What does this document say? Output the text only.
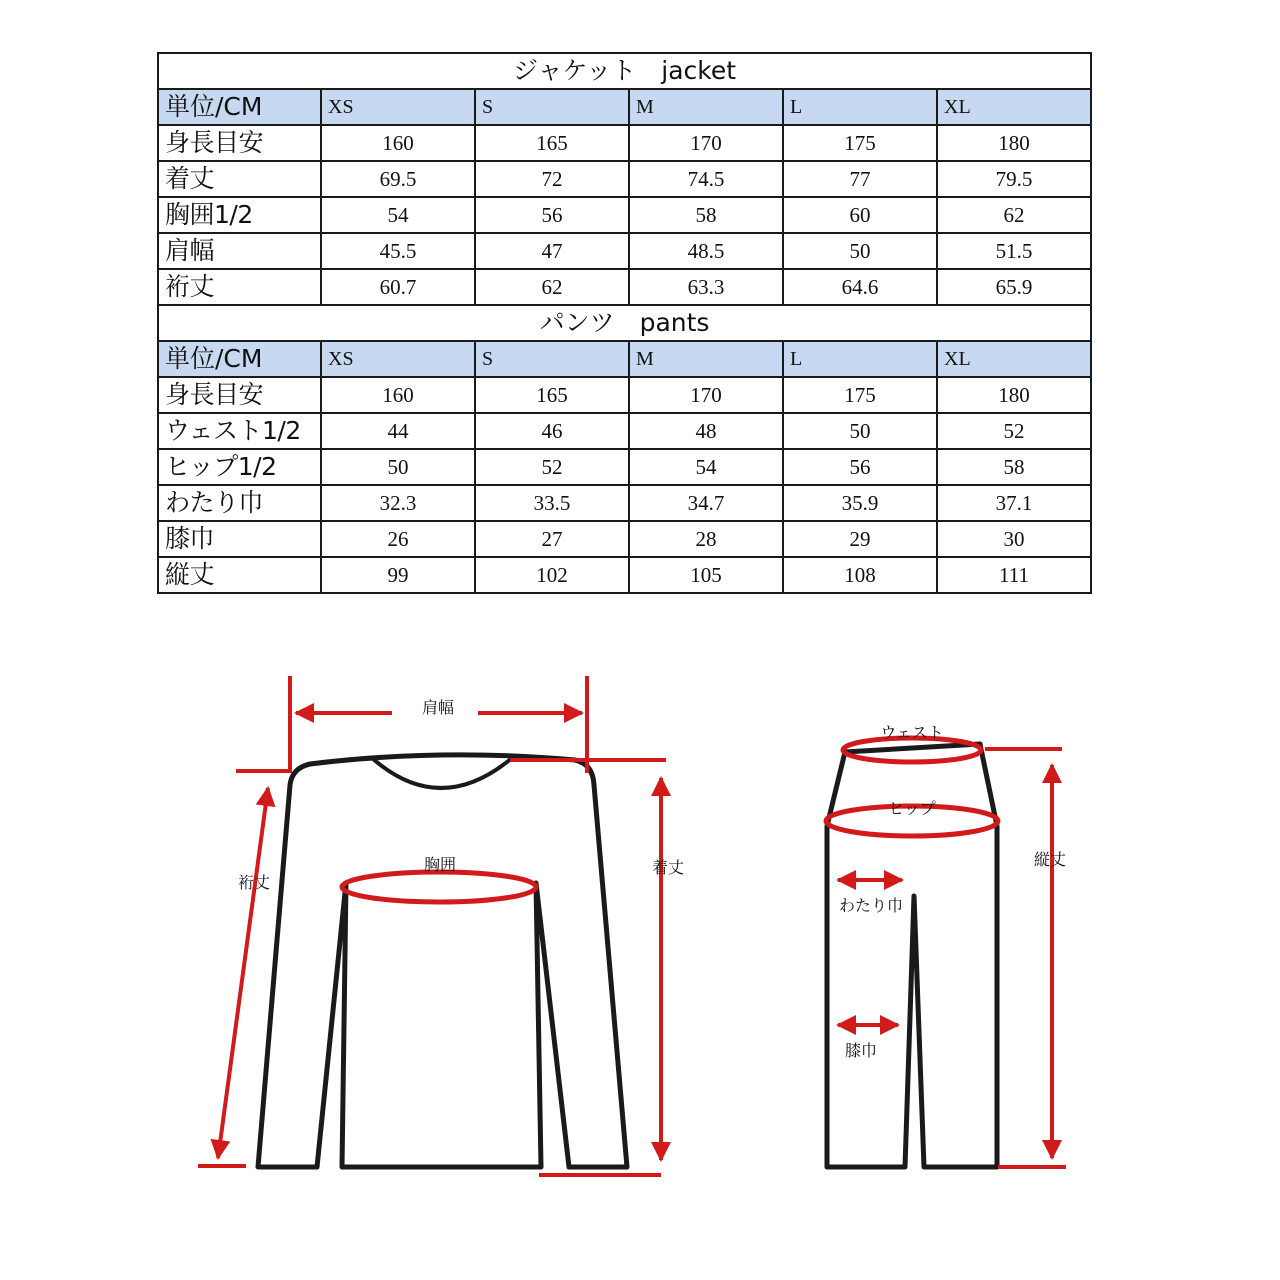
ジャケット　jacket					
単位/CM	XS	S	M	L	XL
身長目安	160	165	170	175	180
着丈	69.5	72	74.5	77	79.5
胸囲1/2	54	56	58	60	62
肩幅	45.5	47	48.5	50	51.5
裄丈	60.7	62	63.3	64.6	65.9
パンツ　pants					
単位/CM	XS	S	M	L	XL
身長目安	160	165	170	175	180
ウェスト1/2	44	46	48	50	52
ヒップ1/2	50	52	54	56	58
わたり巾	32.3	33.5	34.7	35.9	37.1
膝巾	26	27	28	29	30
縦丈	99	102	105	108	111
肩幅
裄丈
胸囲	着丈
ウェスト
ヒップ
わたり巾
膝巾
縦丈
